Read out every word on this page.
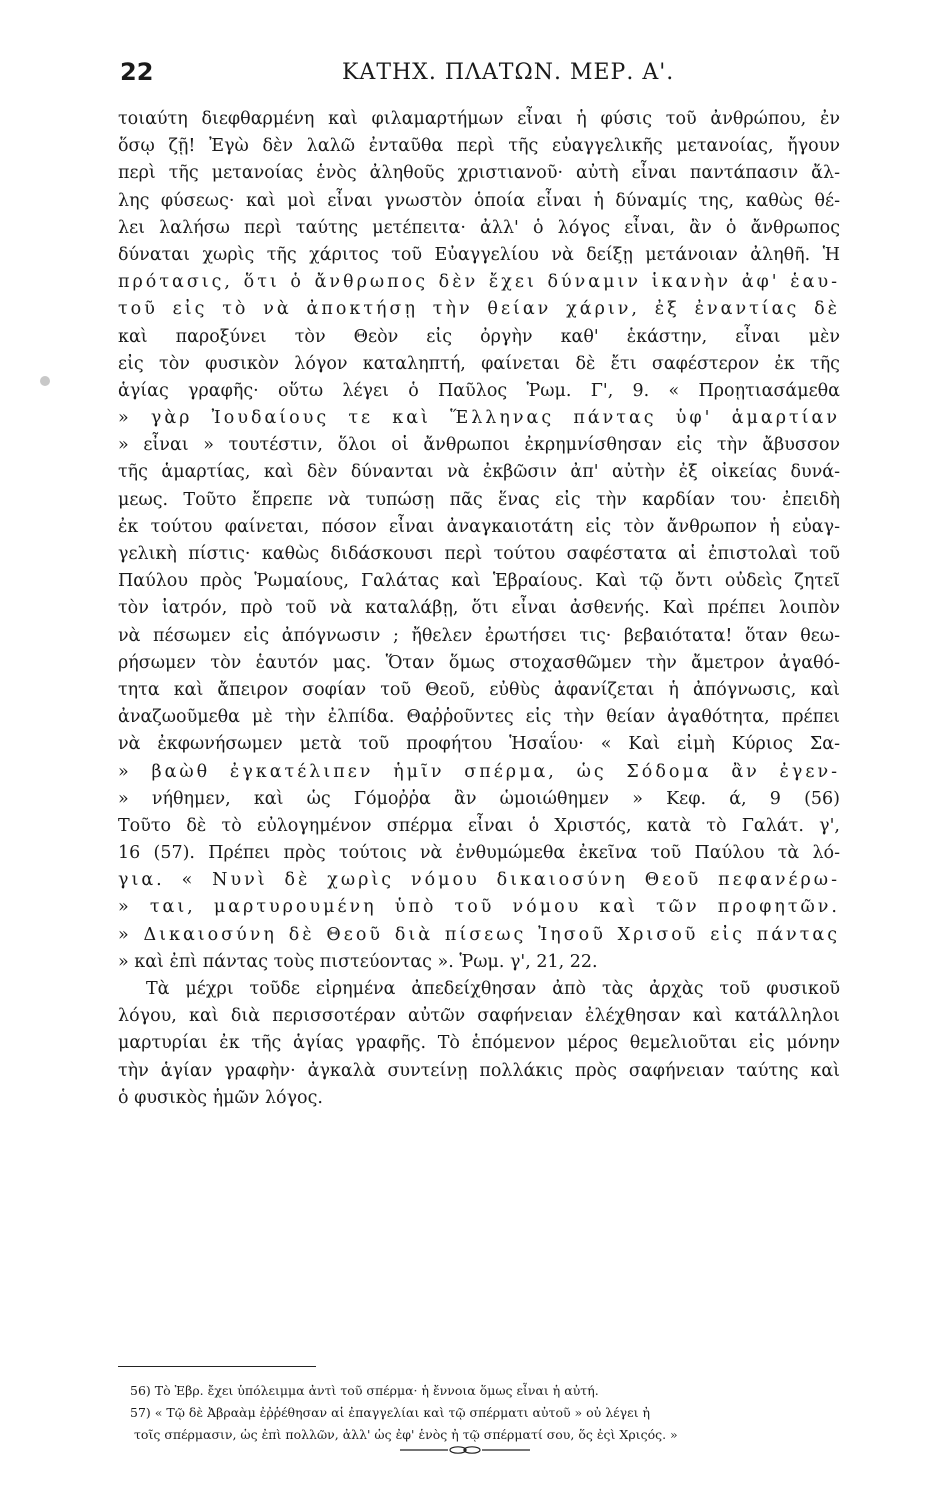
22	ΚΑΤΗΧ. ΠΛΑΤΩΝ. ΜΕΡ. Α'.
τοιαύτη διεφθαρμένη καὶ φιλαμαρτήμων εἶναι ἡ φύσις τοῦ ἀνθρώπου, ἐν
ὅσῳ ζῇ! Ἐγὼ δὲν λαλῶ ἐνταῦθα περὶ τῆς εὐαγγελικῆς μετανοίας, ἤγουν
περὶ τῆς μετανοίας ἑνὸς ἀληθοῦς χριστιανοῦ· αὐτὴ εἶναι παντάπασιν ἄλ-
λης φύσεως· καὶ μοὶ εἶναι γνωστὸν ὁποία εἶναι ἡ δύναμίς της, καθὼς θέ-
λει λαλήσω περὶ ταύτης μετέπειτα· ἀλλ' ὁ λόγος εἶναι, ἂν ὁ ἄνθρωπος
δύναται χωρὶς τῆς χάριτος τοῦ Εὐαγγελίου νὰ δείξῃ μετάνοιαν ἀληθῆ. Ἡ
πρότασις, ὅτι ὁ ἄνθρωπος δὲν ἔχει δύναμιν ἱκανὴν ἀφ' ἑαυ-
τοῦ εἰς τὸ νὰ ἀποκτήσῃ τὴν θείαν χάριν, ἐξ ἐναντίας δὲ
καὶ παροξύνει τὸν Θεὸν εἰς ὀργὴν καθ' ἑκάστην, εἶναι μὲν
εἰς τὸν φυσικὸν λόγον καταληπτή, φαίνεται δὲ ἔτι σαφέστερον ἐκ τῆς
ἁγίας γραφῆς· οὕτω λέγει ὁ Παῦλος Ῥωμ. Γ', 9. « Προῃτιασάμεθα
» γὰρ Ἰουδαίους τε καὶ Ἕλληνας πάντας ὑφ' ἁμαρτίαν
» εἶναι » τουτέστιν, ὅλοι οἱ ἄνθρωποι ἐκρημνίσθησαν εἰς τὴν ἄβυσσον
τῆς ἁμαρτίας, καὶ δὲν δύνανται νὰ ἐκβῶσιν ἀπ' αὐτὴν ἐξ οἰκείας δυνά-
μεως. Τοῦτο ἔπρεπε νὰ τυπώσῃ πᾶς ἕνας εἰς τὴν καρδίαν του· ἐπειδὴ
ἐκ τούτου φαίνεται, πόσον εἶναι ἀναγκαιοτάτη εἰς τὸν ἄνθρωπον ἡ εὐαγ-
γελικὴ πίστις· καθὼς διδάσκουσι περὶ τούτου σαφέστατα αἱ ἐπιστολαὶ τοῦ
Παύλου πρὸς Ῥωμαίους, Γαλάτας καὶ Ἑβραίους. Καὶ τῷ ὄντι οὐδεὶς ζητεῖ
τὸν ἰατρόν, πρὸ τοῦ νὰ καταλάβῃ, ὅτι εἶναι ἀσθενής. Καὶ πρέπει λοιπὸν
νὰ πέσωμεν εἰς ἀπόγνωσιν ; ἤθελεν ἐρωτήσει τις· βεβαιότατα! ὅταν θεω-
ρήσωμεν τὸν ἑαυτόν μας. Ὅταν ὅμως στοχασθῶμεν τὴν ἄμετρον ἀγαθό-
τητα καὶ ἄπειρον σοφίαν τοῦ Θεοῦ, εὐθὺς ἀφανίζεται ἡ ἀπόγνωσις, καὶ
ἀναζωοῦμεθα μὲ τὴν ἐλπίδα. Θαῤῥοῦντες εἰς τὴν θείαν ἀγαθότητα, πρέπει
νὰ ἐκφωνήσωμεν μετὰ τοῦ προφήτου Ἡσαΐου· « Καὶ εἰμὴ Κύριος Σα-
» βαὼθ ἐγκατέλιπεν ἡμῖν σπέρμα, ὡς Σόδομα ἂν ἐγεν-
» νήθημεν, καὶ ὡς Γόμοῤῥα ἂν ὡμοιώθημεν » Κεφ. ά, 9 (56)
Τοῦτο δὲ τὸ εὐλογημένον σπέρμα εἶναι ὁ Χριστός, κατὰ τὸ Γαλάτ. γ',
16 (57). Πρέπει πρὸς τούτοις νὰ ἐνθυμώμεθα ἐκεῖνα τοῦ Παύλου τὰ λό-
για. « Νυνὶ δὲ χωρὶς νόμου δικαιοσύνη Θεοῦ πεφανέρω-
» ται, μαρτυρουμένη ὑπὸ τοῦ νόμου καὶ τῶν προφητῶν.
» Δικαιοσύνη δὲ Θεοῦ διὰ πίσεως Ἰησοῦ Χρισοῦ εἰς πάντας
» καὶ ἐπὶ πάντας τοὺς πιστεύοντας ». Ῥωμ. γ', 21, 22.
Τὰ μέχρι τοῦδε εἰρημένα ἀπεδείχθησαν ἀπὸ τὰς ἀρχὰς τοῦ φυσικοῦ
λόγου, καὶ διὰ περισσοτέραν αὐτῶν σαφήνειαν ἐλέχθησαν καὶ κατάλληλοι
μαρτυρίαι ἐκ τῆς ἁγίας γραφῆς. Τὸ ἑπόμενον μέρος θεμελιοῦται εἰς μόνην
τὴν ἁγίαν γραφὴν· ἀγκαλὰ συντείνῃ πολλάκις πρὸς σαφήνειαν ταύτης καὶ
ὁ φυσικὸς ἡμῶν λόγος.
56) Τὸ Ἑβρ. ἔχει ὑπόλειμμα ἀντὶ τοῦ σπέρμα· ἡ ἔννοια ὅμως εἶναι ἡ αὐτή.
57) « Τῷ δὲ Ἀβραὰμ ἐῤῥέθησαν αἱ ἐπαγγελίαι καὶ τῷ σπέρματι αὐτοῦ » οὐ λέγει ἠ
τοῖς σπέρμασιν, ὡς ἐπὶ πολλῶν, ἀλλ' ὡς ἐφ' ἑνὸς ἠ τῷ σπέρματί σου, ὅς ἐςὶ Χριςός. »
